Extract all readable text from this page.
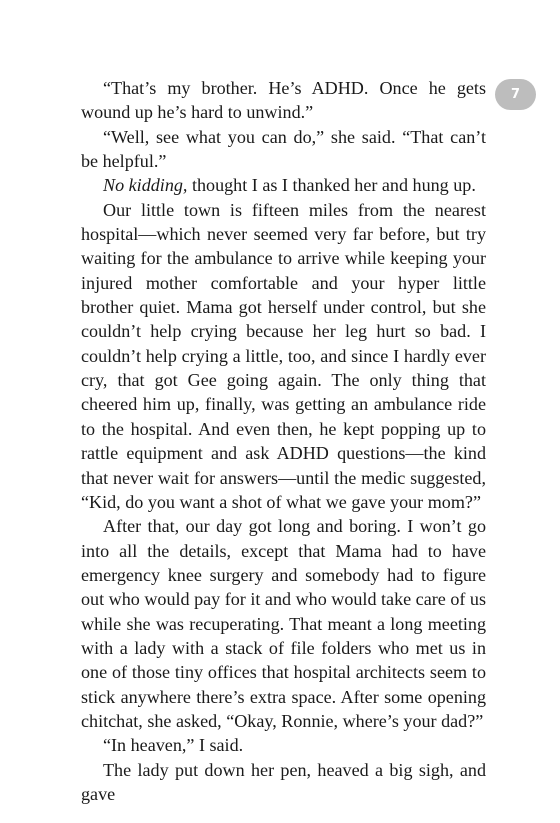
7

“That’s my brother. He’s ADHD. Once he gets wound up he’s hard to unwind.”

“Well, see what you can do,” she said. “That can’t be helpful.”

No kidding, thought I as I thanked her and hung up.

Our little town is fifteen miles from the nearest hospital—which never seemed very far before, but try waiting for the ambulance to arrive while keeping your injured mother comfortable and your hyper little brother quiet. Mama got herself under control, but she couldn’t help crying because her leg hurt so bad. I couldn’t help crying a little, too, and since I hardly ever cry, that got Gee going again. The only thing that cheered him up, finally, was getting an ambulance ride to the hospital. And even then, he kept popping up to rattle equipment and ask ADHD questions—the kind that never wait for answers—until the medic suggested, “Kid, do you want a shot of what we gave your mom?”

After that, our day got long and boring. I won’t go into all the details, except that Mama had to have emergency knee surgery and somebody had to figure out who would pay for it and who would take care of us while she was recuperating. That meant a long meeting with a lady with a stack of file folders who met us in one of those tiny offices that hospital architects seem to stick anywhere there’s extra space. After some opening chitchat, she asked, “Okay, Ronnie, where’s your dad?”

“In heaven,” I said.

The lady put down her pen, heaved a big sigh, and gave
